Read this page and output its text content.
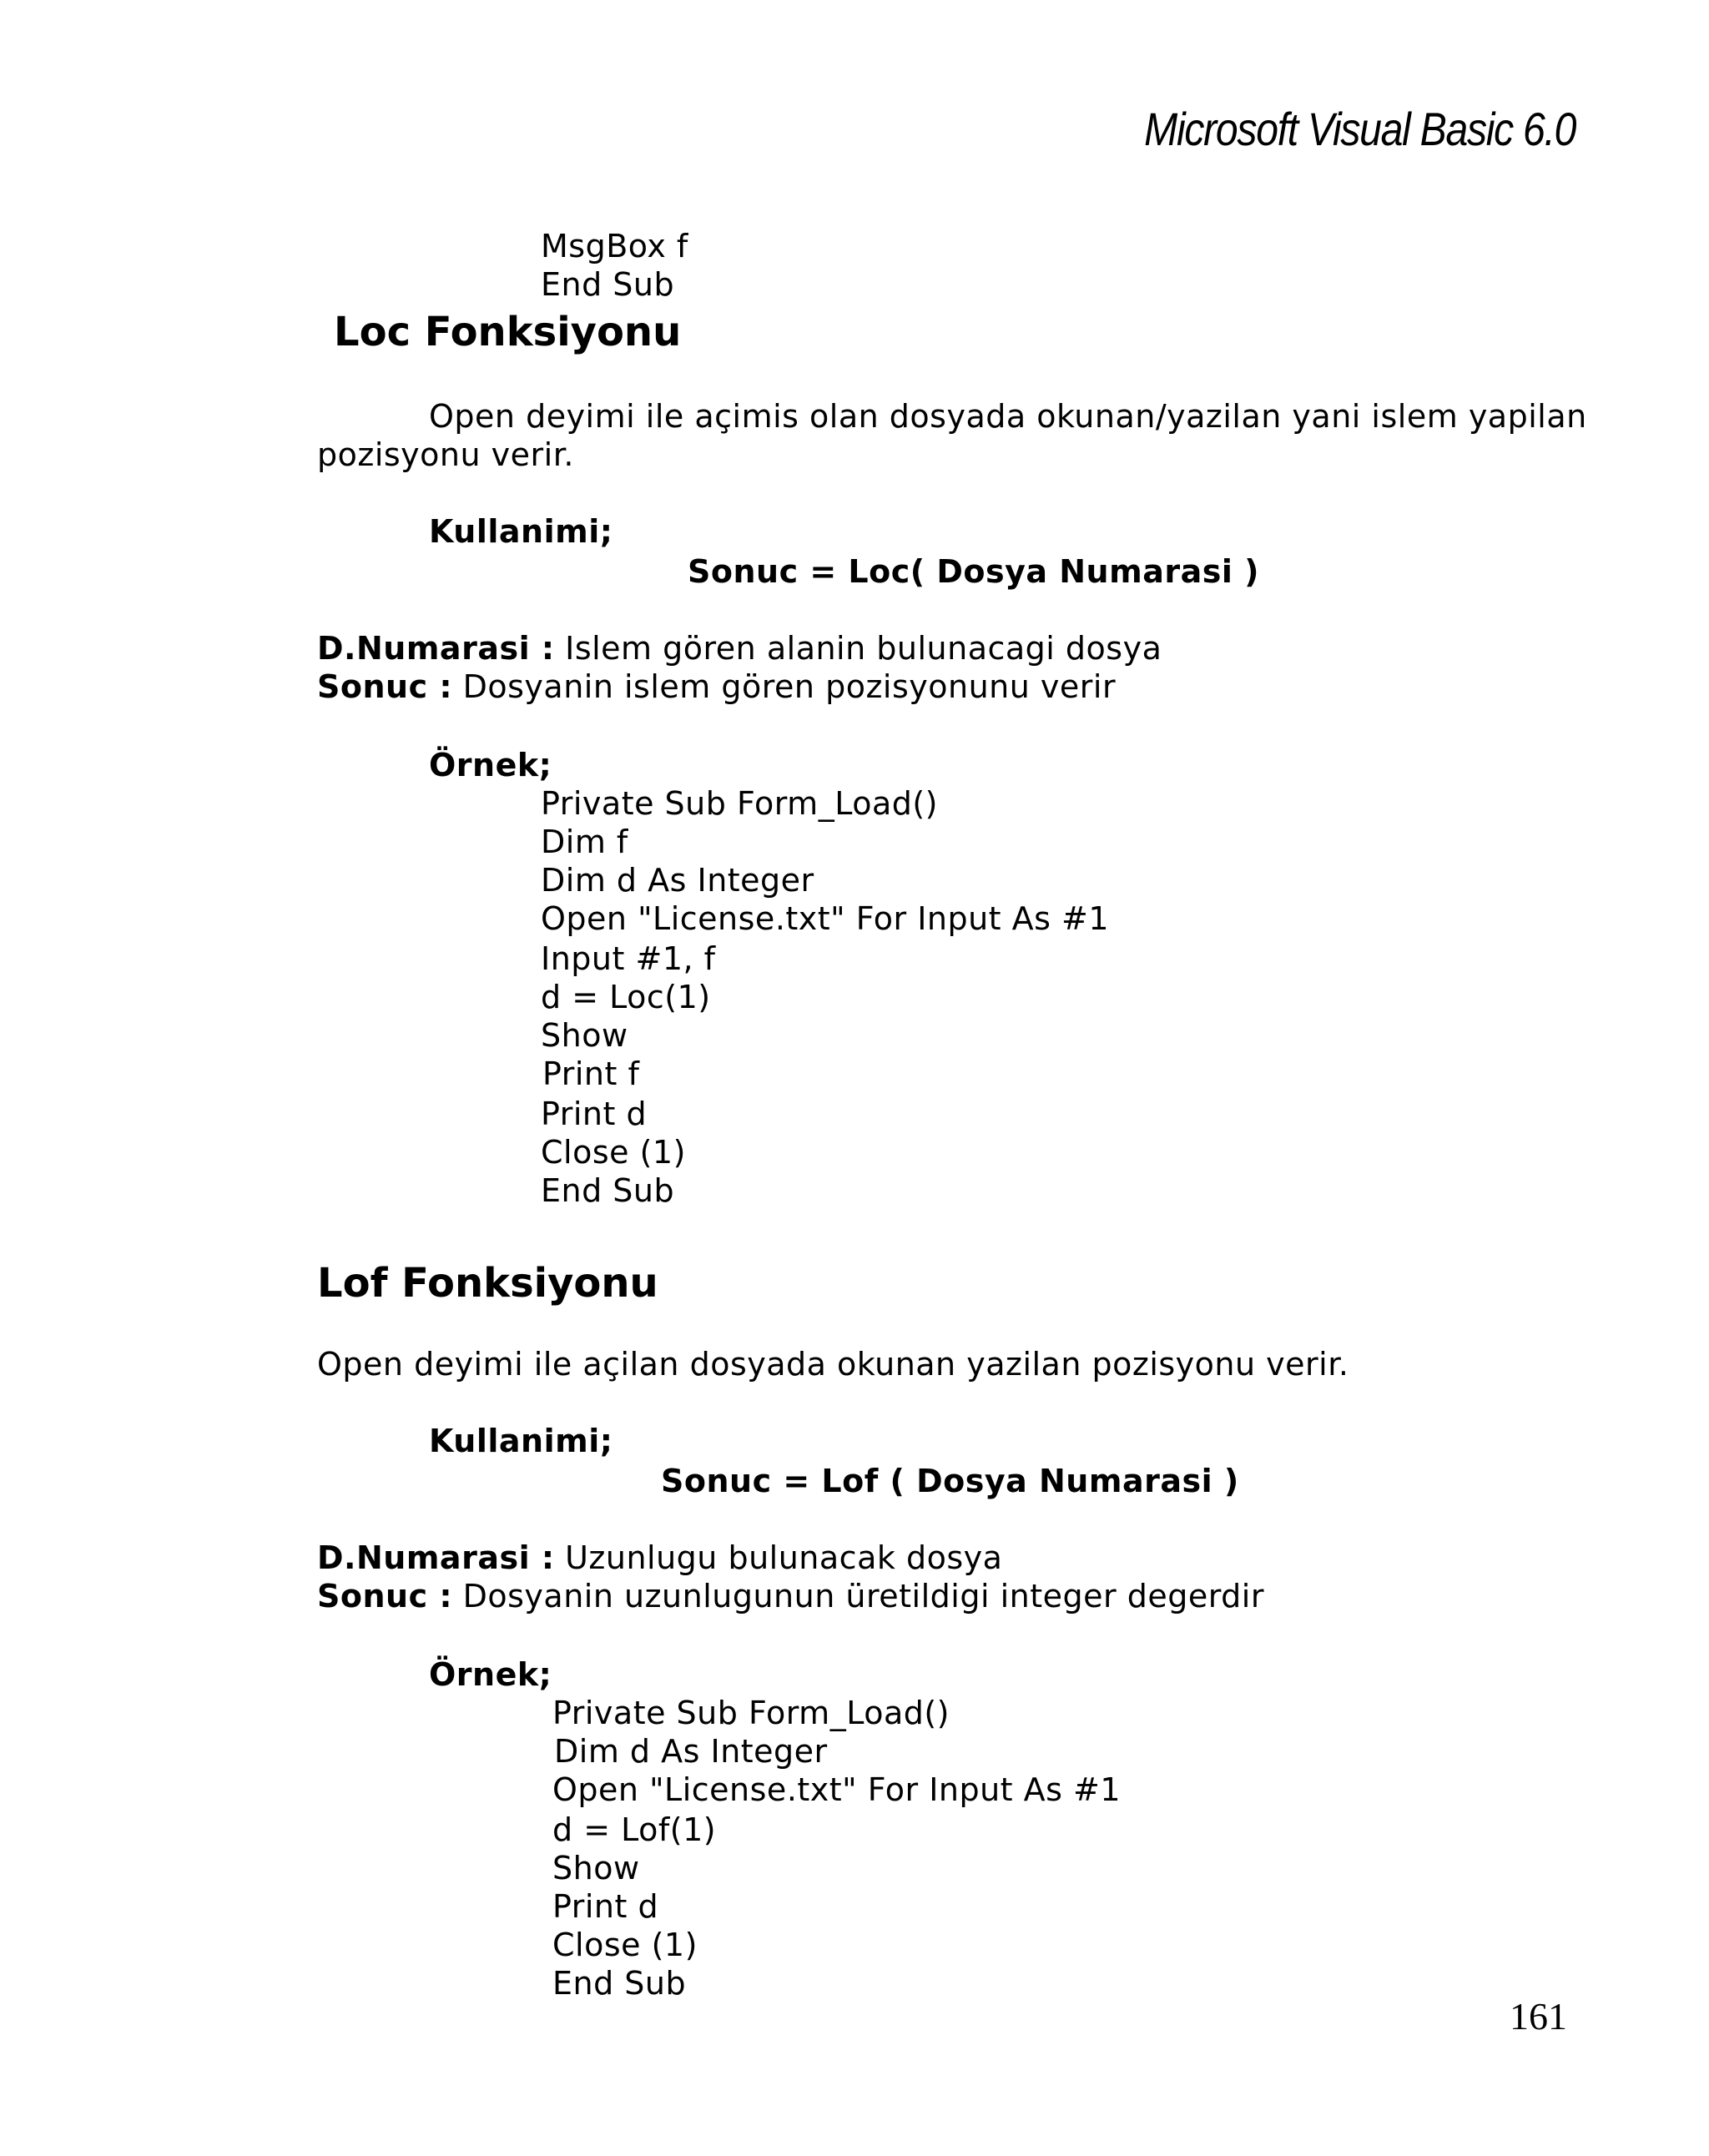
Microsoft Visual Basic 6.0
MsgBox f
End Sub
Loc Fonksiyonu
Open deyimi ile açimis olan dosyada okunan/yazilan yani islem yapilan
pozisyonu verir.
Kullanimi;
Sonuc = Loc( Dosya Numarasi )
D.Numarasi : Islem gören alanin bulunacagi dosya
Sonuc : Dosyanin islem gören pozisyonunu verir
Örnek;
Private Sub Form_Load()
Dim f
Dim d As Integer
Open "License.txt" For Input As #1
Input #1, f
d = Loc(1)
Show
Print f
Print d
Close (1)
End Sub
Lof Fonksiyonu
Open deyimi ile açilan dosyada okunan yazilan pozisyonu verir.
Kullanimi;
Sonuc = Lof ( Dosya Numarasi )
D.Numarasi : Uzunlugu bulunacak dosya
Sonuc : Dosyanin uzunlugunun üretildigi integer degerdir
Örnek;
Private Sub Form_Load()
Dim d As Integer
Open "License.txt" For Input As #1
d = Lof(1)
Show
Print d
Close (1)
End Sub
161
